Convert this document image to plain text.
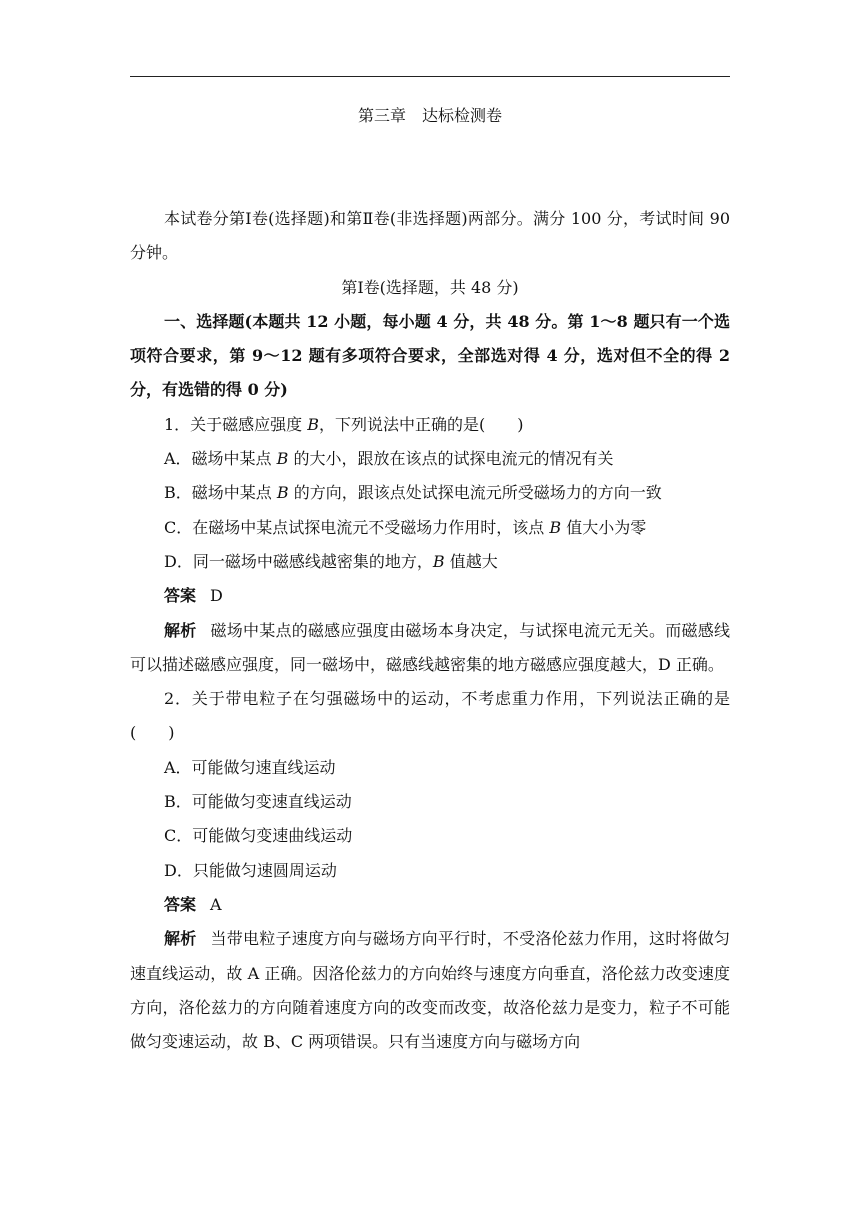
第三章　达标检测卷

本试卷分第Ⅰ卷(选择题)和第Ⅱ卷(非选择题)两部分。满分 100 分，考试时间 90 分钟。

第Ⅰ卷(选择题，共 48 分)

一、选择题(本题共 12 小题，每小题 4 分，共 48 分。第 1～8 题只有一个选项符合要求，第 9～12 题有多项符合要求，全部选对得 4 分，选对但不全的得 2 分，有选错的得 0 分)

1．关于磁感应强度 B，下列说法中正确的是(　　)

A．磁场中某点 B 的大小，跟放在该点的试探电流元的情况有关

B．磁场中某点 B 的方向，跟该点处试探电流元所受磁场力的方向一致

C．在磁场中某点试探电流元不受磁场力作用时，该点 B 值大小为零

D．同一磁场中磁感线越密集的地方，B 值越大

答案 D

解析 磁场中某点的磁感应强度由磁场本身决定，与试探电流元无关。而磁感线可以描述磁感应强度，同一磁场中，磁感线越密集的地方磁感应强度越大，D 正确。

2．关于带电粒子在匀强磁场中的运动，不考虑重力作用，下列说法正确的是(　　)

A．可能做匀速直线运动

B．可能做匀变速直线运动

C．可能做匀变速曲线运动

D．只能做匀速圆周运动

答案 A

解析 当带电粒子速度方向与磁场方向平行时，不受洛伦兹力作用，这时将做匀速直线运动，故 A 正确。因洛伦兹力的方向始终与速度方向垂直，洛伦兹力改变速度方向，洛伦兹力的方向随着速度方向的改变而改变，故洛伦兹力是变力，粒子不可能做匀变速运动，故 B、C 两项错误。只有当速度方向与磁场方向
